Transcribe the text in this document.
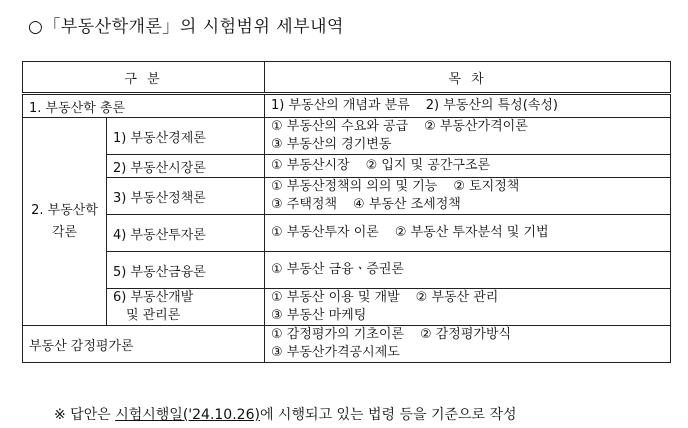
○「부동산학개론」의 시험범위 세부내역
구 분		목 차
1. 부동산학 총론		1) 부동산의 개념과 분류 2) 부동산의 특성(속성)

2. 부동산학
각론	1) 부동산경제론	① 부동산의 수요와 공급 ② 부동산가격이론
③ 부동산의 경기변동

	2) 부동산시장론	① 부동산시장 ② 입지 및 공간구조론
	3) 부동산정책론	① 부동산정책의 의의 및 기능 ② 토지정책
③ 주택정책 ④ 부동산 조세정책

	4) 부동산투자론	① 부동산투자 이론 ② 부동산 투자분석 및 기법
	5) 부동산금융론	① 부동산 금융ㆍ증권론

	6) 부동산개발
및 관리론	① 부동산 이용 및 개발 ② 부동산 관리
③ 부동산 마케팅

부동산 감정평가론		① 감정평가의 기초이론 ② 감정평가방식
③ 부동산가격공시제도
※ 답안은 시험시행일('24.10.26)에 시행되고 있는 법령 등을 기준으로 작성
